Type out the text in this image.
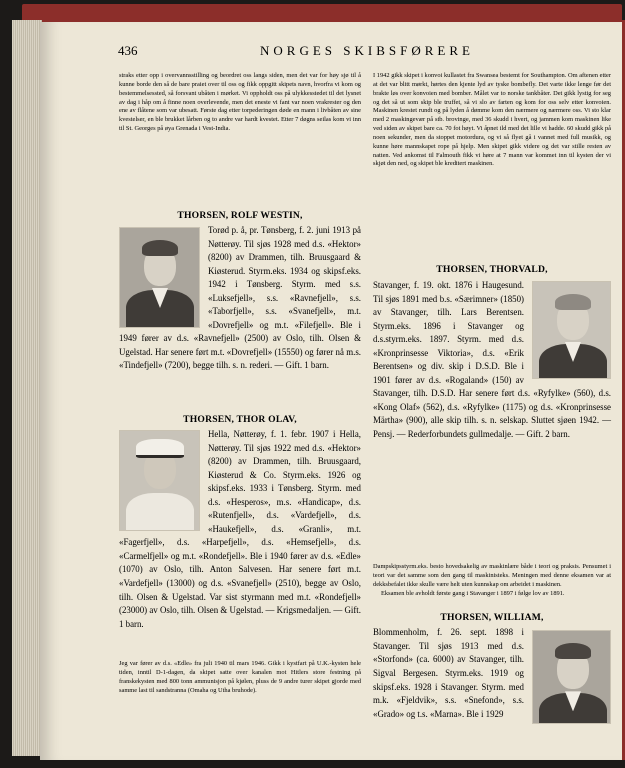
436	NORGES SKIBSFØRERE
straks etter opp i overvannsstilling og beordret oss langs siden, men det var for høy sjø til å kunne borde den så de bare praiet over til oss og fikk oppgitt skipets navn, hvorfra vi kom og bestemmelsessted, så forsvant ubåten i mørket. Vi oppholdt oss på ulykkesstedet til det lysnet av dag i håp om å finne noen overlevende, men det eneste vi fant var noen vrakrester og den ene av flåtene som var ubesatt. Første dag etter torpederingen døde en mann i livbåten av sine kvestelser, en ble brukket lårben og to andre var hardt kvestet. Etter 7 døgns seilas kom vi inn til St. Georges på øya Grenada i Vest-India.

THORSEN, ROLF WESTIN,

Torød p. å, pr. Tønsberg, f. 2. juni 1913 på Nøtterøy. Til sjøs 1928 med d.s. «Hektor» (8200) av Drammen, tilh. Bruusgaard & Kiøsterud. Styrm.eks. 1934 og skipsf.eks. 1942 i Tønsberg. Styrm. med s.s. «Luksefjell», s.s. «Ravnefjell», s.s. «Taborfjell», s.s. «Svanefjell», m.t. «Dovrefjell» og m.t. «Filefjell». Ble i 1949 fører av d.s. «Ravnefjell» (2500) av Oslo, tilh. Olsen & Ugelstad. Har senere ført m.t. «Dovrefjell» (15550) og fører nå m.s. «Tindefjell» (7200), begge tilh. s. n. rederi. — Gift. 1 barn.

THORSEN, THOR OLAV,

Hella, Nøtterøy, f. 1. febr. 1907 i Hella, Nøtterøy. Til sjøs 1922 med d.s. «Hektor» (8200) av Drammen, tilh. Bruusgaard, Kiøsterud & Co. Styrm.eks. 1926 og skipsf.eks. 1933 i Tønsberg. Styrm. med d.s. «Hesperos», m.s. «Handicap», d.s. «Rutenfjell», d.s. «Vardefjell», d.s. «Haukefjell», d.s. «Granli», m.t. «Fagerfjell», d.s. «Harpefjell», d.s. «Hemsefjell», d.s. «Carmelfjell» og m.t. «Rondefjell». Ble i 1940 fører av d.s. «Edle» (1070) av Oslo, tilh. Anton Salvesen. Har senere ført m.t. «Vardefjell» (13000) og d.s. «Svanefjell» (2510), begge av Oslo, tilh. Olsen & Ugelstad. Var sist styrmann med m.t. «Rondefjell» (23000) av Oslo, tilh. Olsen & Ugelstad. — Krigsmedaljen. — Gift. 1 barn.
Jeg var fører av d.s. «Edle» fra juli 1940 til mars 1946. Gikk i kystfart på U.K.-kysten hele tiden, inntil D-1-dagen, da skipet satte over kanalen mot Hitlers store festning på franskekysten med 800 tonn ammunisjon på kjølen, pluss de 9 andre turer skipet gjorde med samme last til sandstranna (Omaha og Utha bruhode).
I 1942 gikk skipet i konvoi kullastet fra Swansea bestemt for Southampton. Om aftenen etter at det var blitt mørkt, hørtes den kjente lyd av tyske bombefly. Det varte ikke lenge før det brakte løs over konvoien med bomber. Målet var to norske tankbåter. Det gikk lystig for seg og det så ut som skip ble truffet, så vi slo av farten og kom for oss selv etter konvoien. Maskinen krestet rundt og på lyden å dømme kom den nærmere og nærmere oss. Vi sto klar med 2 maskingevær på stb. brovinge, med 36 skudd i hvert, og jammen kom maskinen like ved siden av skipet bare ca. 70 fot høyt. Vi åpnet ild med det lille vi hadde. 60 skudd gikk på noen sekunder, men da stoppet motordura, og vi så flyet gå i vannet med full musikk, og kunne høre mannskapet rope på hjelp. Men skipet gikk videre og det var stille resten av natten. Ved ankomst til Falmouth fikk vi høre at 7 mann var kommet inn til kysten der vi skjøt den ned, og skipet ble kreditert maskinen.

THORSEN, THORVALD,

Stavanger, f. 19. okt. 1876 i Haugesund. Til sjøs 1891 med b.s. «Særimner» (1850) av Stavanger, tilh. Lars Berentsen. Styrm.eks. 1896 i Stavanger og d.s.styrm.eks. 1897. Styrm. med d.s. «Kronprinsesse Viktoria», d.s. «Erik Berentsen» og div. skip i D.S.D. Ble i 1901 fører av d.s. «Rogaland» (150) av Stavanger, tilh. D.S.D. Har senere ført d.s. «Ryfylke» (560), d.s. «Kong Olaf» (562), d.s. «Ryfylke» (1175) og d.s. «Kronprinsesse Märtha» (900), alle skip tilh. s. n. selskap. Sluttet sjøen 1942. — Pensj. — Rederforbundets gullmedalje. — Gift. 2 barn.
Dampskipsstyrm.eks. besto hovedsakelig av maskinlære både i teori og praksis. Pensumet i teori var det samme som den gang til maskinisteks. Meningen med denne eksamen var at dekksbefalet ikke skulle være helt uten kunnskap om arbeidet i maskinen.
Eksamen ble avholdt første gang i Stavanger i 1897 i følge lov av 1891.

THORSEN, WILLIAM,

Blommenholm, f. 26. sept. 1898 i Stavanger. Til sjøs 1913 med d.s. «Storfond» (ca. 6000) av Stavanger, tilh. Sigval Bergesen. Styrm.eks. 1919 og skipsf.eks. 1928 i Stavanger. Styrm. med m.k. «Fjeldvik», s.s. «Snefond», s.s. «Grado» og t.s. «Marna». Ble i 1929
